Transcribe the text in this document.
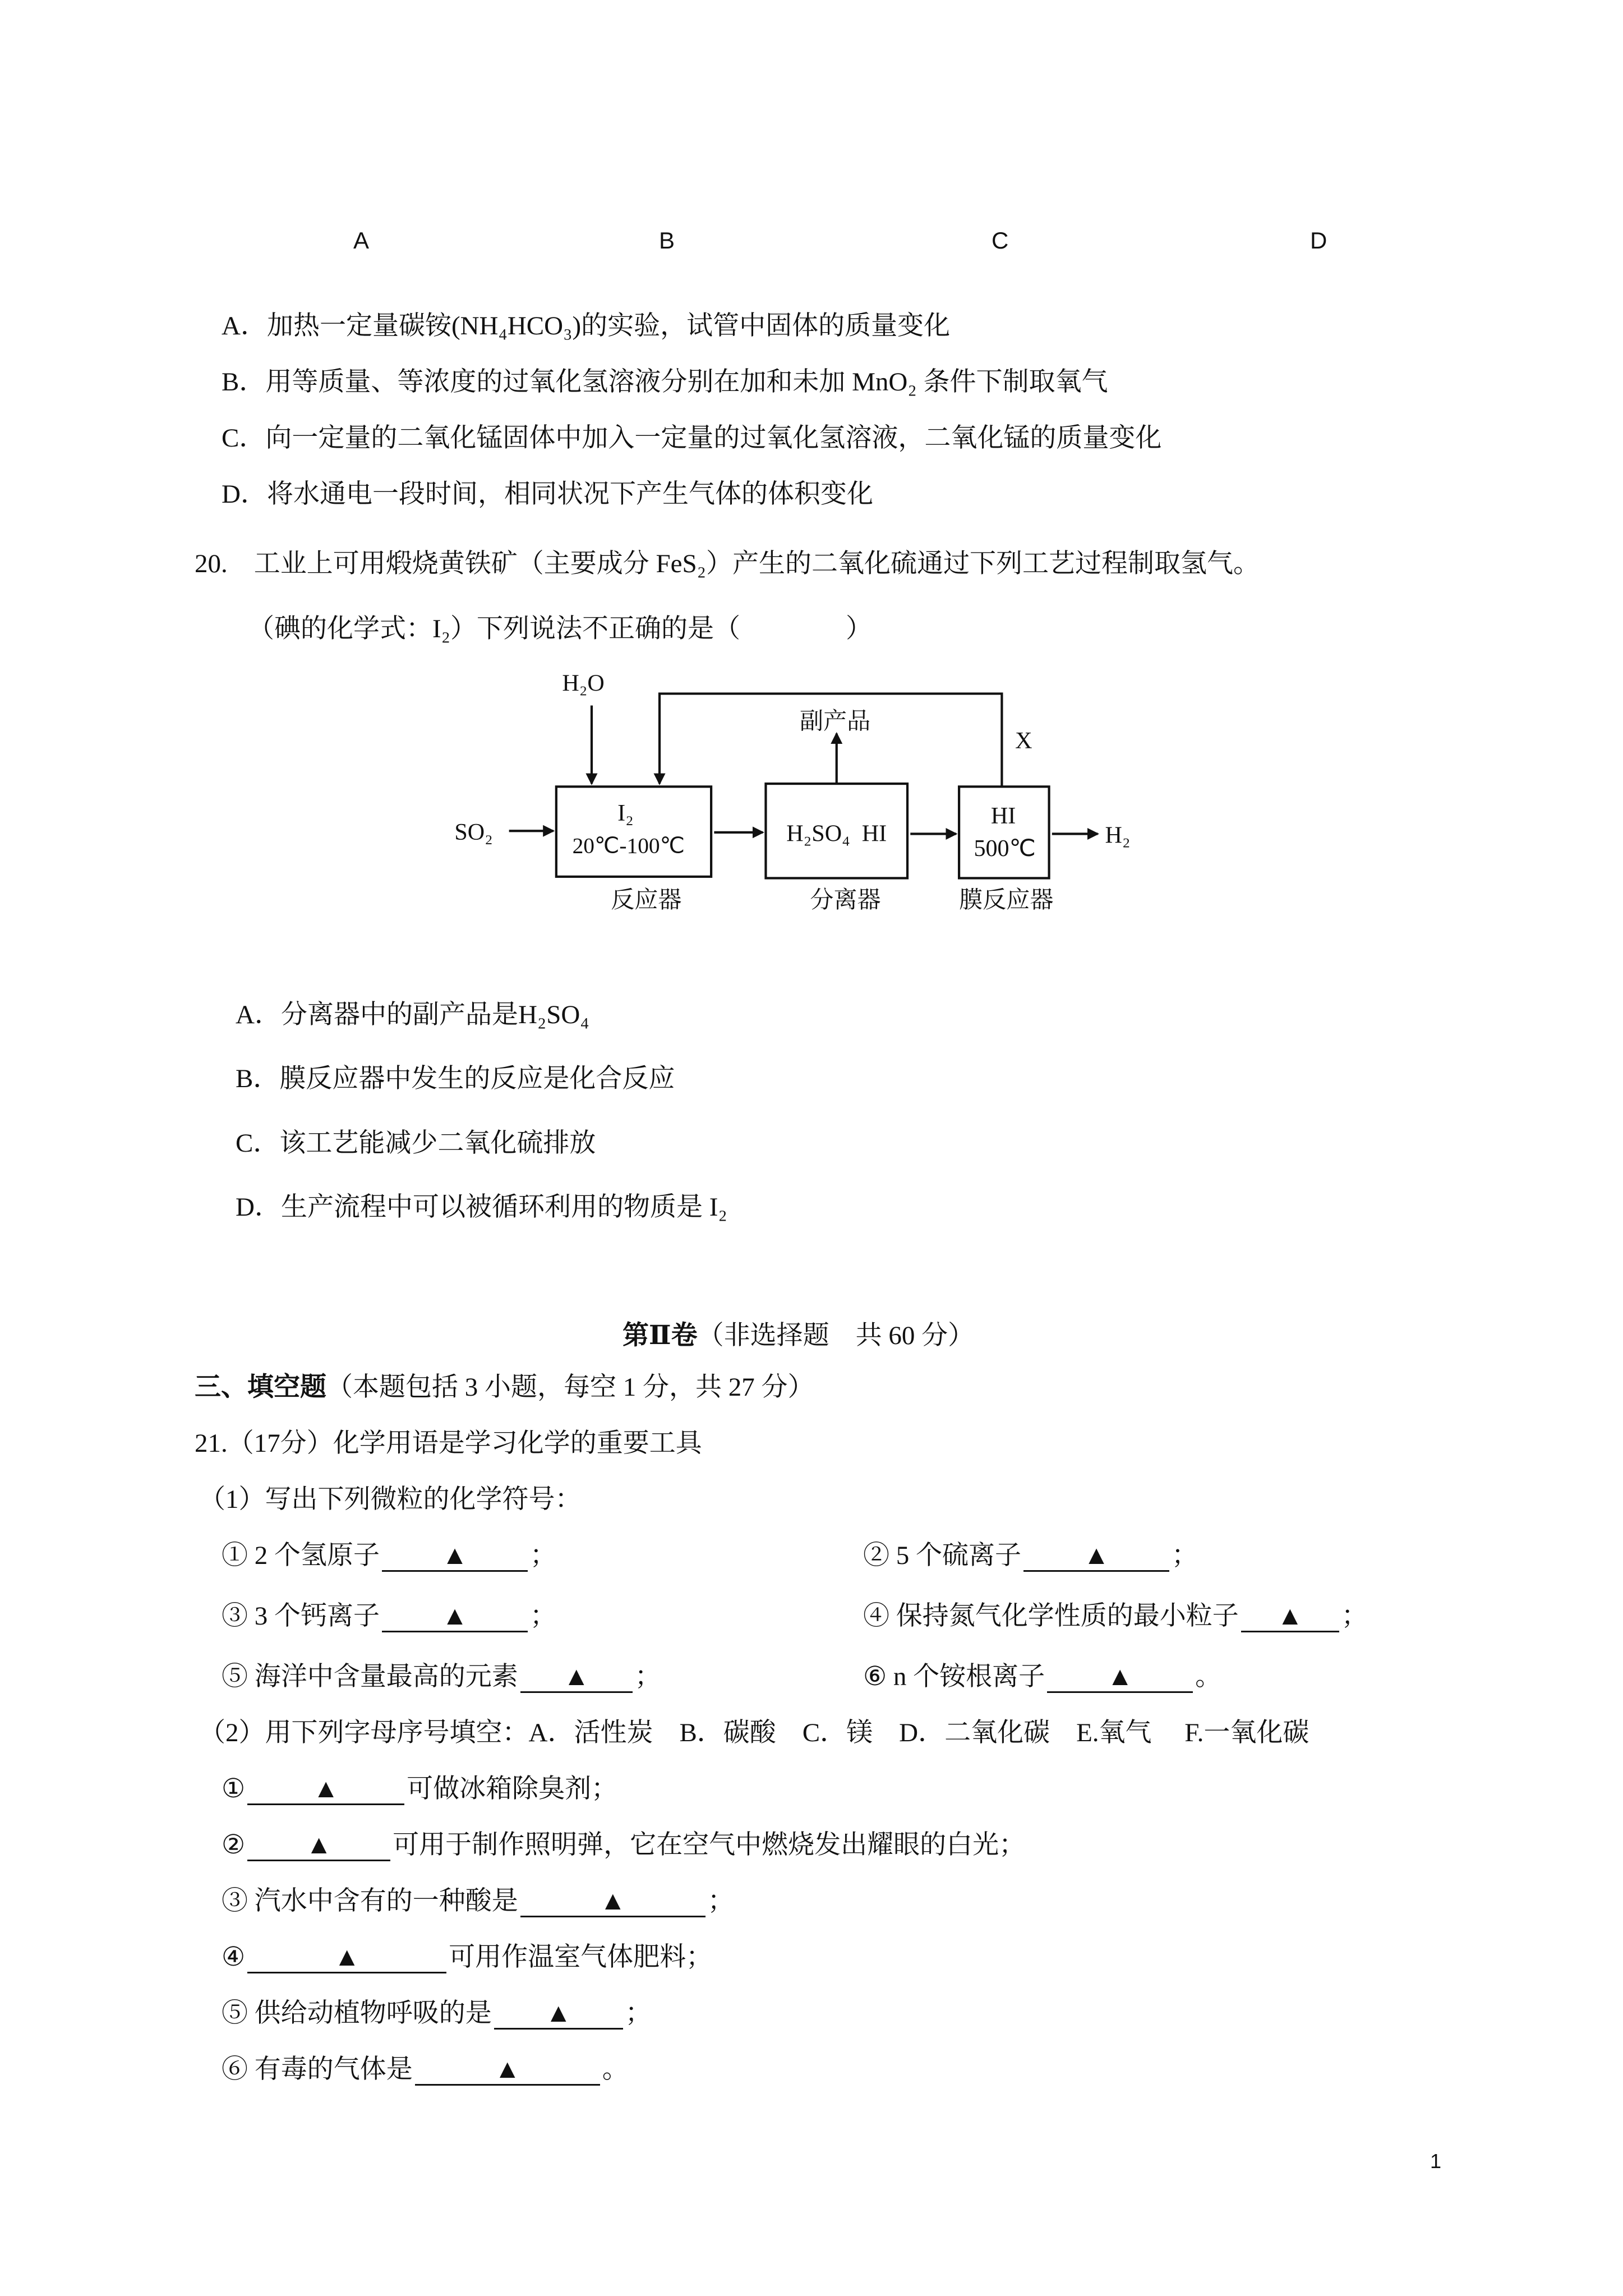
A	B	C	D
A．加热一定量碳铵(NH₄HCO₃)的实验，试管中固体的质量变化
B．用等质量、等浓度的过氧化氢溶液分别在加和未加 MnO₂ 条件下制取氧气
C．向一定量的二氧化锰固体中加入一定量的过氧化氢溶液，二氧化锰的质量变化
D．将水通电一段时间，相同状况下产生气体的体积变化
20.　工业上可用煅烧黄铁矿（主要成分 FeS₂）产生的二氧化硫通过下列工艺过程制取氢气。
（碘的化学式：I₂）下列说法不正确的是（　　　　）
H₂O
SO₂
I₂
20℃-100℃	H₂SO₄  HI
副产品
X
HI
500℃
H₂
反应器	分离器	膜反应器
A．分离器中的副产品是H₂SO₄
B．膜反应器中发生的反应是化合反应
C．该工艺能减少二氧化硫排放
D．生产流程中可以被循环利用的物质是 I₂
第Ⅱ卷（非选择题　共 60 分）
三、填空题（本题包括 3 小题，每空 1 分，共 27 分）
21.（17分）化学用语是学习化学的重要工具
（1）写出下列微粒的化学符号：
① 2 个氢原子 ▲ ；	② 5 个硫离子 ▲ ；
③ 3 个钙离子 ▲ ；	④ 保持氮气化学性质的最小粒子 ▲ ；
⑤ 海洋中含量最高的元素 ▲ ；	⑥ n 个铵根离子 ▲ 。
（2）用下列字母序号填空：A．活性炭　B．碳酸　C．镁　D．二氧化碳　E.氧气　 F.一氧化碳
①	▲	可做冰箱除臭剂；
② ▲ 可用于制作照明弹，它在空气中燃烧发出耀眼的白光；
③ 汽水中含有的一种酸是	▲	；
④	▲	可用作温室气体肥料；
⑤ 供给动植物呼吸的是 ▲ ；
⑥ 有毒的气体是	▲	。
1
